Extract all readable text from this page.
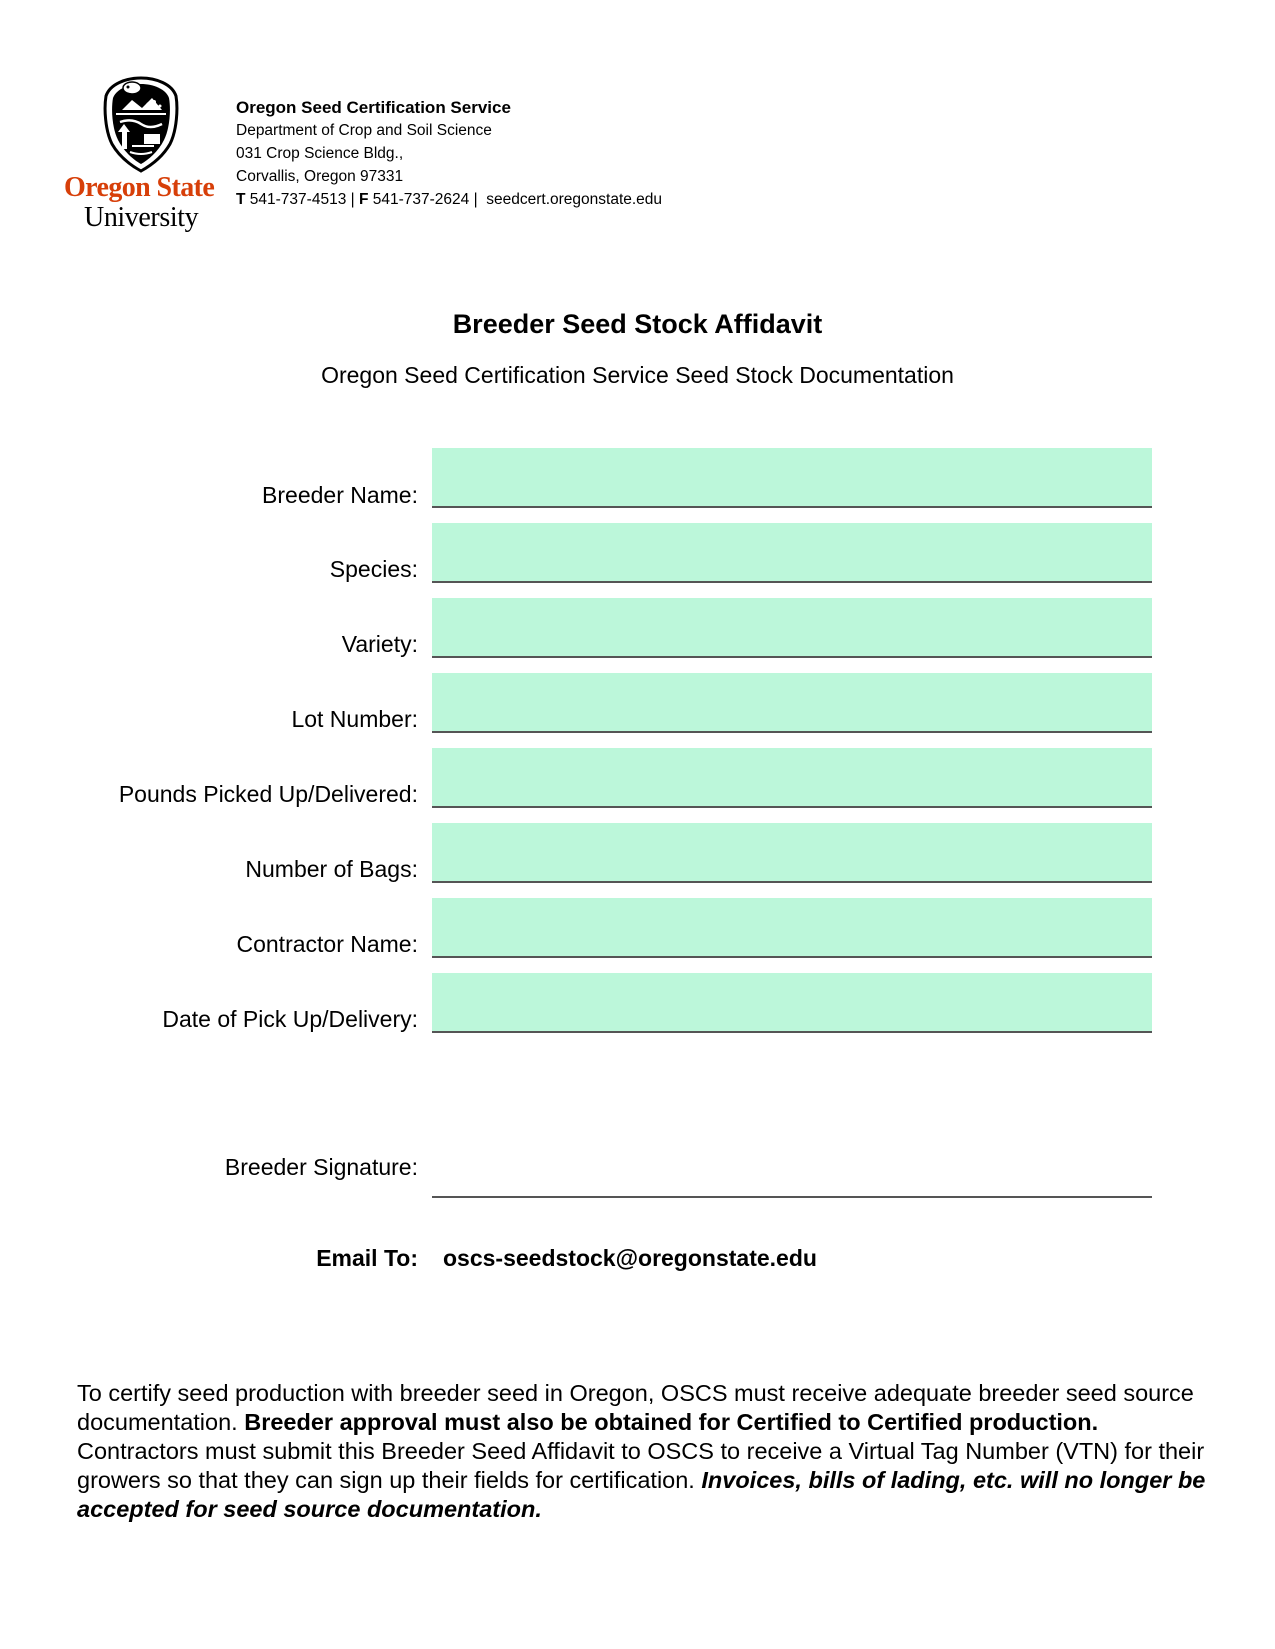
Oregon State
University
Oregon Seed Certification Service
Department of Crop and Soil Science
031 Crop Science Bldg.,
Corvallis, Oregon 97331
T 541-737-4513 | F 541-737-2624 | seedcert.oregonstate.edu
Breeder Seed Stock Affidavit
Oregon Seed Certification Service Seed Stock Documentation
Breeder Name:
Species:
Variety:
Lot Number:
Pounds Picked Up/Delivered:
Number of Bags:
Contractor Name:
Date of Pick Up/Delivery:
Breeder Signature:
Email To: oscs-seedstock@oregonstate.edu
To certify seed production with breeder seed in Oregon, OSCS must receive adequate breeder seed source documentation. Breeder approval must also be obtained for Certified to Certified production. Contractors must submit this Breeder Seed Affidavit to OSCS to receive a Virtual Tag Number (VTN) for their growers so that they can sign up their fields for certification. Invoices, bills of lading, etc. will no longer be accepted for seed source documentation.
